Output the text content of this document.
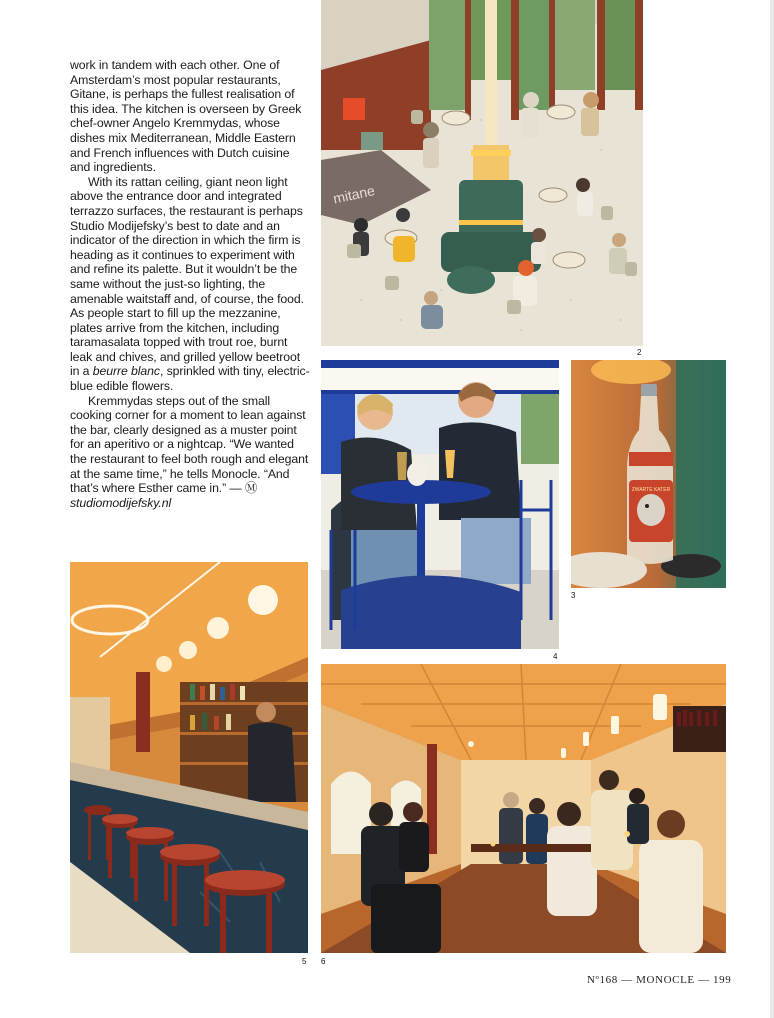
work in tandem with each other. One of Amsterdam’s most popular restaurants, Gitane, is perhaps the fullest realisation of this idea. The kitchen is overseen by Greek chef-owner Angelo Kremmydas, whose dishes mix Mediterranean, Middle Eastern and French influences with Dutch cuisine and ingredients.

With its rattan ceiling, giant neon light above the entrance door and integrated terrazzo surfaces, the restaurant is perhaps Studio Modijefsky’s best to date and an indicator of the direction in which the firm is heading as it continues to experiment with and refine its palette. But it wouldn’t be the same without the just-so lighting, the amenable waitstaff and, of course, the food. As people start to fill up the mezzanine, plates arrive from the kitchen, including taramasalata topped with trout roe, burnt leak and chives, and grilled yellow beetroot in a beurre blanc, sprinkled with tiny, electric-blue edible flowers.

Kremmydas steps out of the small cooking corner for a moment to lean against the bar, clearly designed as a muster point for an aperitivo or a nightcap. “We wanted the restaurant to feel both rough and elegant at the same time,” he tells Monocle. “And that’s where Esther came in.” — Ⓜ
studiomodijefsky.nl

mitane
2
4
ZWARTE KATER
3
5 6
Nº168 — MONOCLE — 199
